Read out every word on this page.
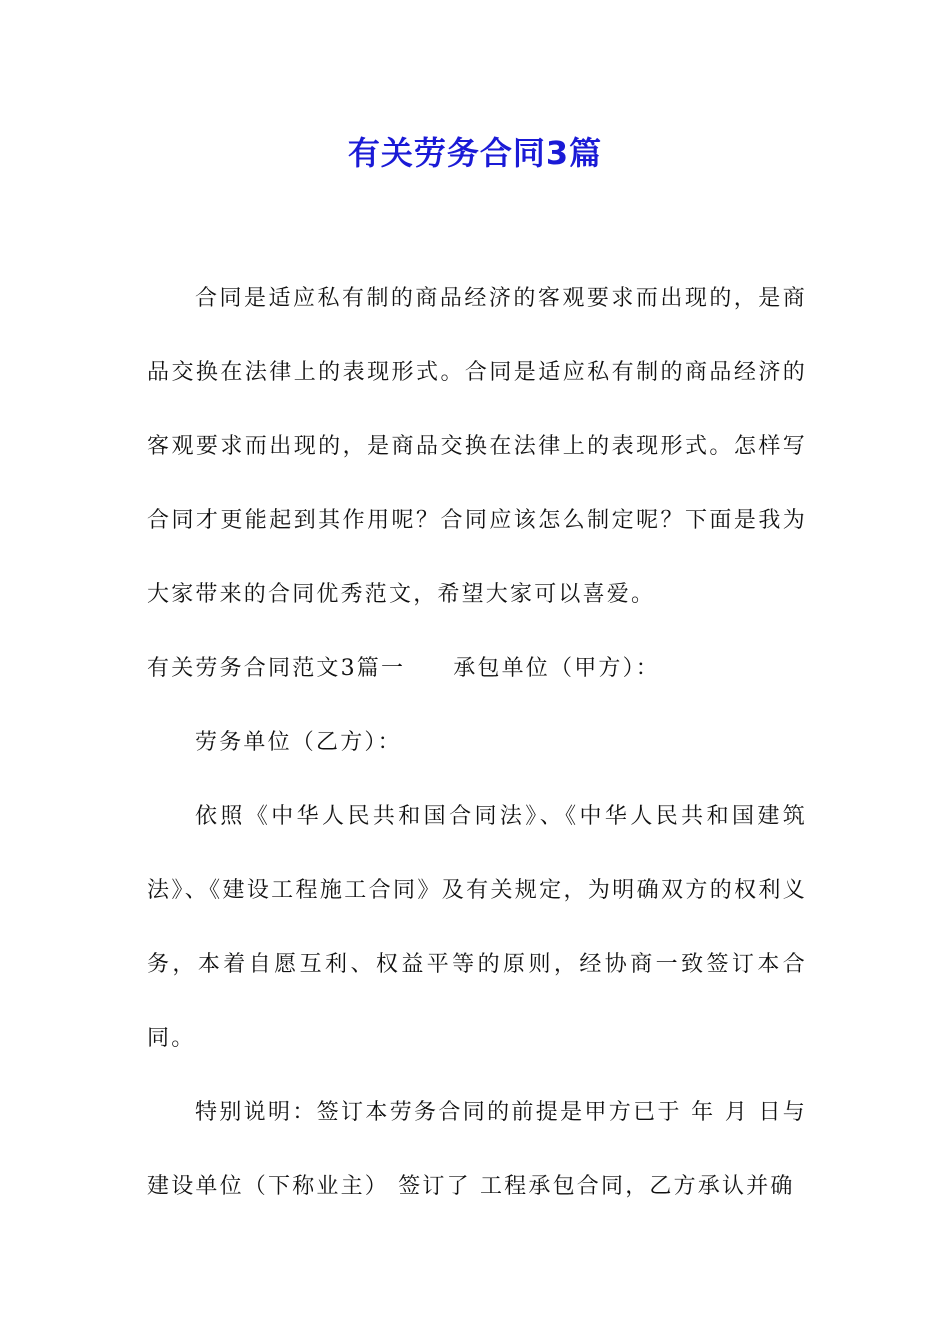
有关劳务合同3篇

合同是适应私有制的商品经济的客观要求而出现的，是商品交换在法律上的表现形式。合同是适应私有制的商品经济的客观要求而出现的，是商品交换在法律上的表现形式。怎样写合同才更能起到其作用呢？合同应该怎么制定呢？下面是我为大家带来的合同优秀范文，希望大家可以喜爱。

有关劳务合同范文3篇一 承包单位（甲方）：

劳务单位（乙方）：

依照《中华人民共和国合同法》、《中华人民共和国建筑法》、《建设工程施工合同》及有关规定，为明确双方的权利义务，本着自愿互利、权益平等的原则，经协商一致签订本合同。

特别说明：签订本劳务合同的前提是甲方已于 年 月 日与建设单位（下称业主） 签订了 工程承包合同，乙方承认并确
